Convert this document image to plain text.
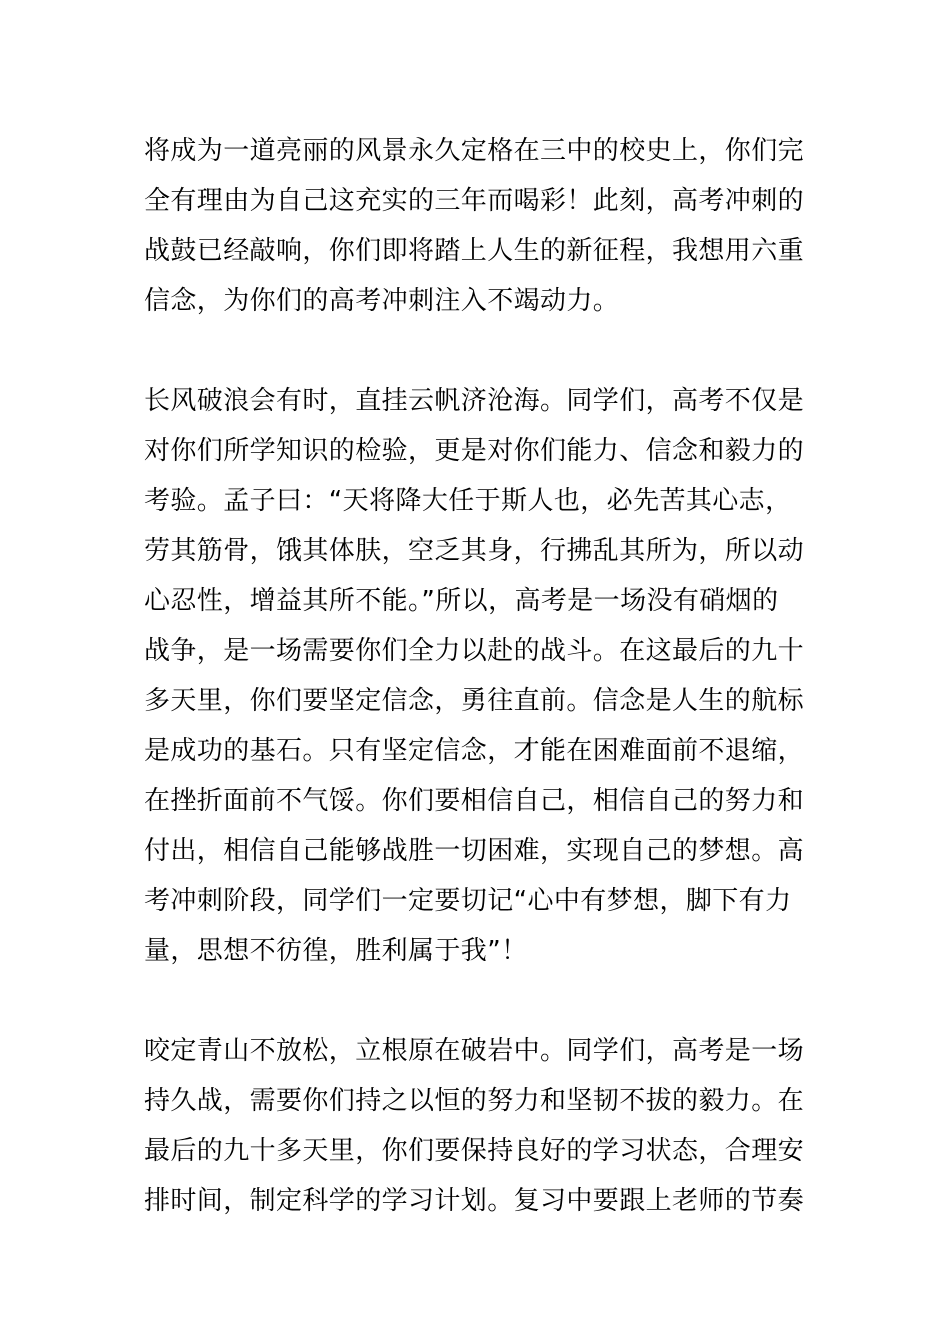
将成为一道亮丽的风景永久定格在三中的校史上，你们完
全有理由为自己这充实的三年而喝彩！此刻，高考冲刺的
战鼓已经敲响，你们即将踏上人生的新征程，我想用六重
信念，为你们的高考冲刺注入不竭动力。
长风破浪会有时，直挂云帆济沧海。同学们，高考不仅是
对你们所学知识的检验，更是对你们能力、信念和毅力的
考验。孟子曰：“天将降大任于斯人也，必先苦其心志，
劳其筋骨，饿其体肤，空乏其身，行拂乱其所为，所以动
心忍性，增益其所不能。”所以，高考是一场没有硝烟的
战争，是一场需要你们全力以赴的战斗。在这最后的九十
多天里，你们要坚定信念，勇往直前。信念是人生的航标
是成功的基石。只有坚定信念，才能在困难面前不退缩，
在挫折面前不气馁。你们要相信自己，相信自己的努力和
付出，相信自己能够战胜一切困难，实现自己的梦想。高
考冲刺阶段，同学们一定要切记“心中有梦想，脚下有力
量，思想不彷徨，胜利属于我”！
咬定青山不放松，立根原在破岩中。同学们，高考是一场
持久战，需要你们持之以恒的努力和坚韧不拔的毅力。在
最后的九十多天里，你们要保持良好的学习状态，合理安
排时间，制定科学的学习计划。复习中要跟上老师的节奏
